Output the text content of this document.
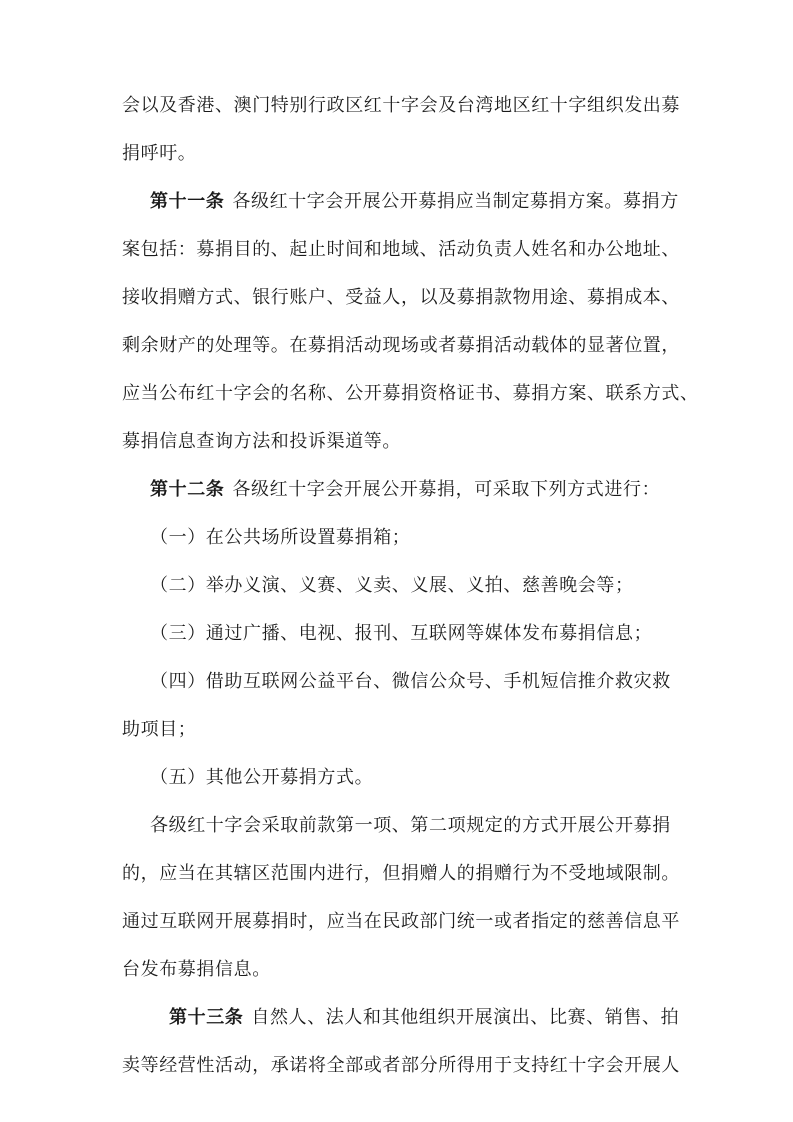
会以及香港、澳门特别行政区红十字会及台湾地区红十字组织发出募
捐呼吁。
第十一条 各级红十字会开展公开募捐应当制定募捐方案。募捐方
案包括：募捐目的、起止时间和地域、活动负责人姓名和办公地址、
接收捐赠方式、银行账户、受益人，以及募捐款物用途、募捐成本、
剩余财产的处理等。在募捐活动现场或者募捐活动载体的显著位置，
应当公布红十字会的名称、公开募捐资格证书、募捐方案、联系方式、
募捐信息查询方法和投诉渠道等。
第十二条 各级红十字会开展公开募捐，可采取下列方式进行：
（一）在公共场所设置募捐箱；
（二）举办义演、义赛、义卖、义展、义拍、慈善晚会等；
（三）通过广播、电视、报刊、互联网等媒体发布募捐信息；
（四）借助互联网公益平台、微信公众号、手机短信推介救灾救
助项目；
（五）其他公开募捐方式。
各级红十字会采取前款第一项、第二项规定的方式开展公开募捐
的，应当在其辖区范围内进行，但捐赠人的捐赠行为不受地域限制。
通过互联网开展募捐时，应当在民政部门统一或者指定的慈善信息平
台发布募捐信息。
第十三条 自然人、法人和其他组织开展演出、比赛、销售、拍
卖等经营性活动，承诺将全部或者部分所得用于支持红十字会开展人
